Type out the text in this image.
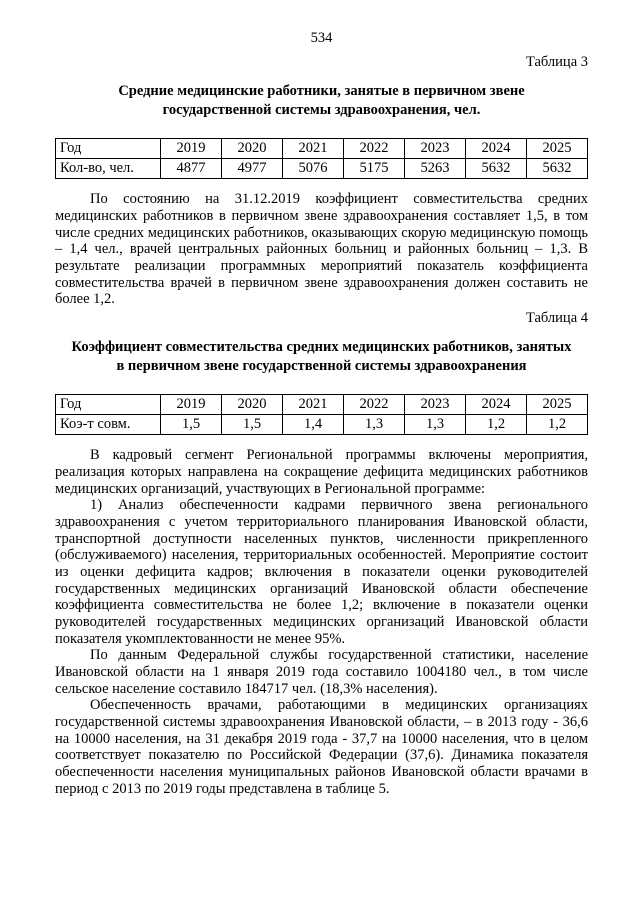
534
Таблица 3
Средние медицинские работники, занятые в первичном звене государственной системы здравоохранения, чел.
Год	2019	2020	2021	2022	2023	2024	2025
Кол-во, чел.	4877	4977	5076	5175	5263	5632	5632

По состоянию на 31.12.2019 коэффициент совместительства средних медицинских работников в первичном звене здравоохранения составляет 1,5, в том числе средних медицинских работников, оказывающих скорую медицинскую помощь – 1,4 чел., врачей центральных районных больниц и районных больниц – 1,3. В результате реализации программных мероприятий показатель коэффициента совместительства врачей в первичном звене здравоохранения должен составить не более 1,2.

Таблица 4
Коэффициент совместительства средних медицинских работников, занятых в первичном звене государственной системы здравоохранения
Год	2019	2020	2021	2022	2023	2024	2025
Коэ-т совм.	1,5	1,5	1,4	1,3	1,3	1,2	1,2

В кадровый сегмент Региональной программы включены мероприятия, реализация которых направлена на сокращение дефицита медицинских работников медицинских организаций, участвующих в Региональной программе:

1) Анализ обеспеченности кадрами первичного звена регионального здравоохранения с учетом территориального планирования Ивановской области, транспортной доступности населенных пунктов, численности прикрепленного (обслуживаемого) населения, территориальных особенностей. Мероприятие состоит из оценки дефицита кадров; включения в показатели оценки руководителей государственных медицинских организаций Ивановской области обеспечение коэффициента совместительства не более 1,2; включение в показатели оценки руководителей государственных медицинских организаций Ивановской области показателя укомплектованности не менее 95%.

По данным Федеральной службы государственной статистики, население Ивановской области на 1 января 2019 года составило 1004180 чел., в том числе сельское население составило 184717 чел. (18,3% населения).

Обеспеченность врачами, работающими в медицинских организациях государственной системы здравоохранения Ивановской области, – в 2013 году - 36,6 на 10000 населения, на 31 декабря 2019 года - 37,7 на 10000 населения, что в целом соответствует показателю по Российской Федерации (37,6). Динамика показателя обеспеченности населения муниципальных районов Ивановской области врачами в период с 2013 по 2019 годы представлена в таблице 5.
